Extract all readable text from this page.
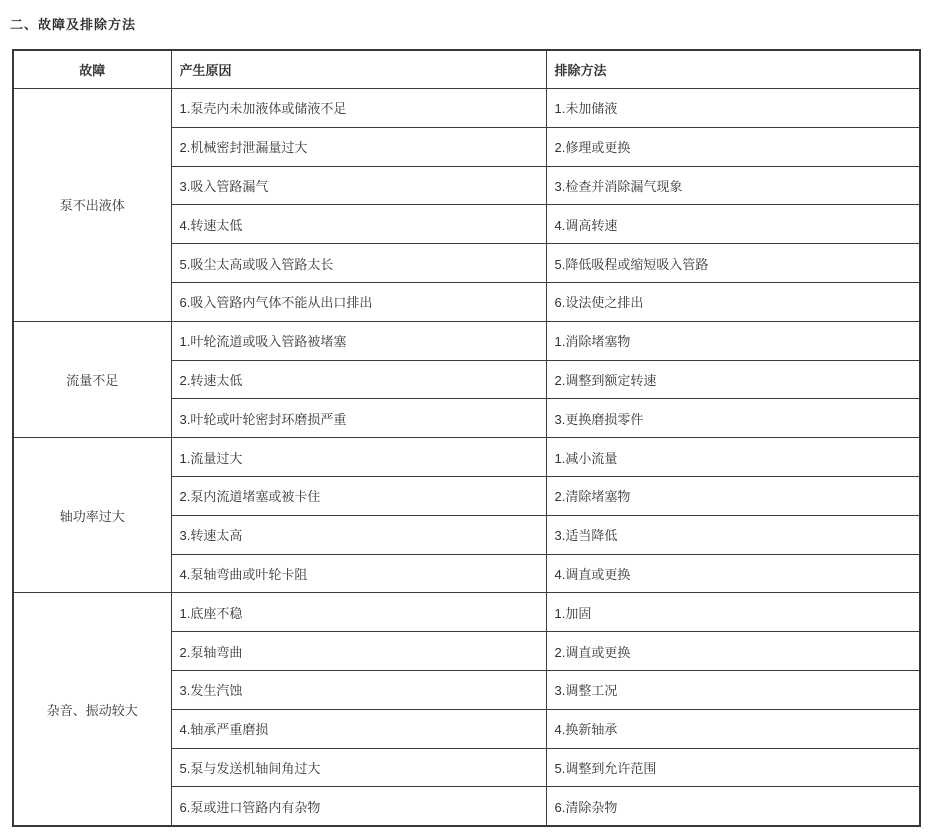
二、故障及排除方法
故障	产生原因	排除方法
泵不出液体	1.泵壳内未加液体或储液不足	1.未加储液
	2.机械密封泄漏量过大	2.修理或更换
	3.吸入管路漏气	3.检查并消除漏气现象
	4.转速太低	4.调高转速
	5.吸尘太高或吸入管路太长	5.降低吸程或缩短吸入管路
	6.吸入管路内气体不能从出口排出	6.设法使之排出
流量不足	1.叶轮流道或吸入管路被堵塞	1.消除堵塞物
	2.转速太低	2.调整到额定转速
	3.叶轮或叶轮密封环磨损严重	3.更换磨损零件
轴功率过大	1.流量过大	1.减小流量
	2.泵内流道堵塞或被卡住	2.清除堵塞物
	3.转速太高	3.适当降低
	4.泵轴弯曲或叶轮卡阻	4.调直或更换
杂音、振动较大	1.底座不稳	1.加固
	2.泵轴弯曲	2.调直或更换
	3.发生汽蚀	3.调整工况
	4.轴承严重磨损	4.换新轴承
	5.泵与发送机轴间角过大	5.调整到允许范围
	6.泵或进口管路内有杂物	6.清除杂物
